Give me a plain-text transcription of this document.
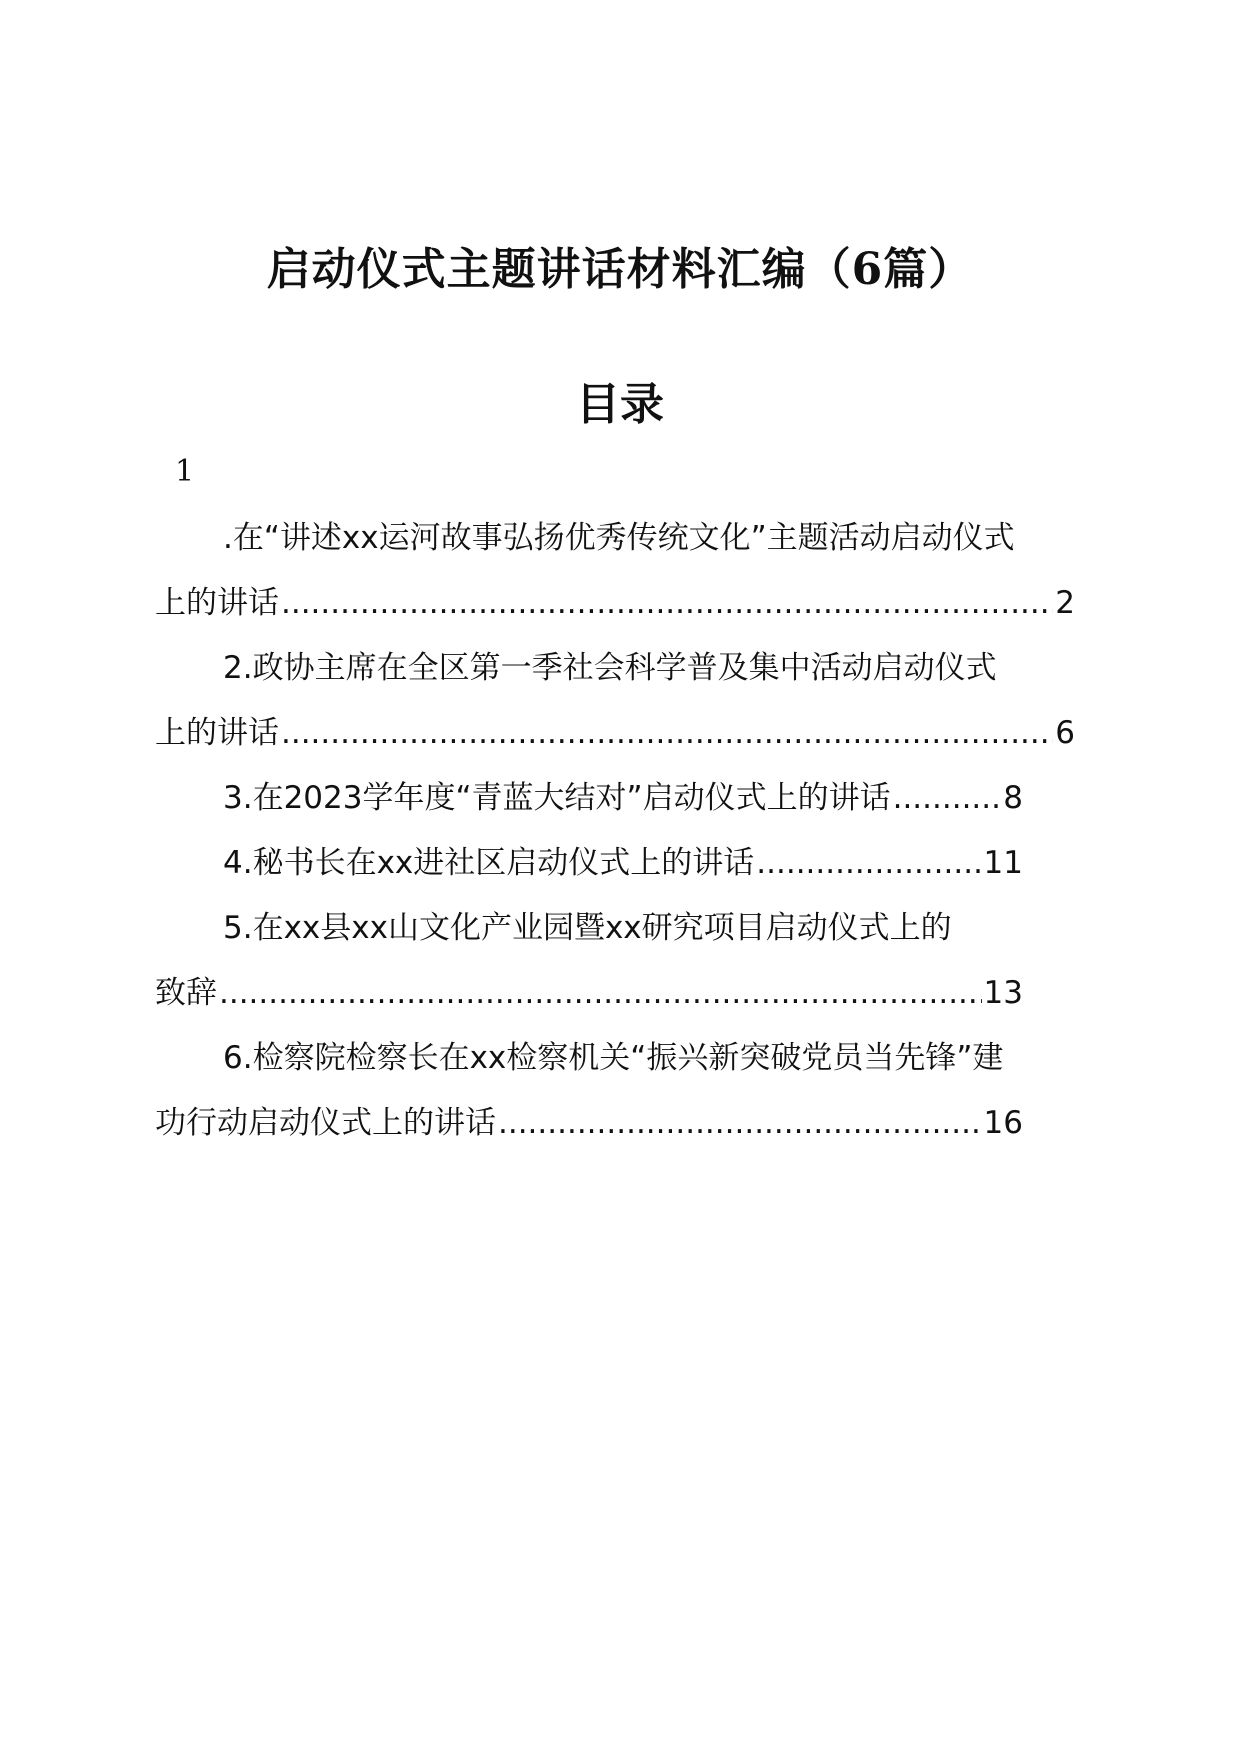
启动仪式主题讲话材料汇编（6篇）
目录
1
.在“讲述xx运河故事弘扬优秀传统文化”主题活动启动仪式
上的讲话 .....	2
2.政协主席在全区第一季社会科学普及集中活动启动仪式
上的讲话 .....	6
3.在2023学年度“青蓝大结对”启动仪式上的讲话 .....	8
4.秘书长在xx进社区启动仪式上的讲话 .....	11
5.在xx县xx山文化产业园暨xx研究项目启动仪式上的
致辞 .....	13
6.检察院检察长在xx检察机关“振兴新突破党员当先锋”建
功行动启动仪式上的讲话 .....	16
